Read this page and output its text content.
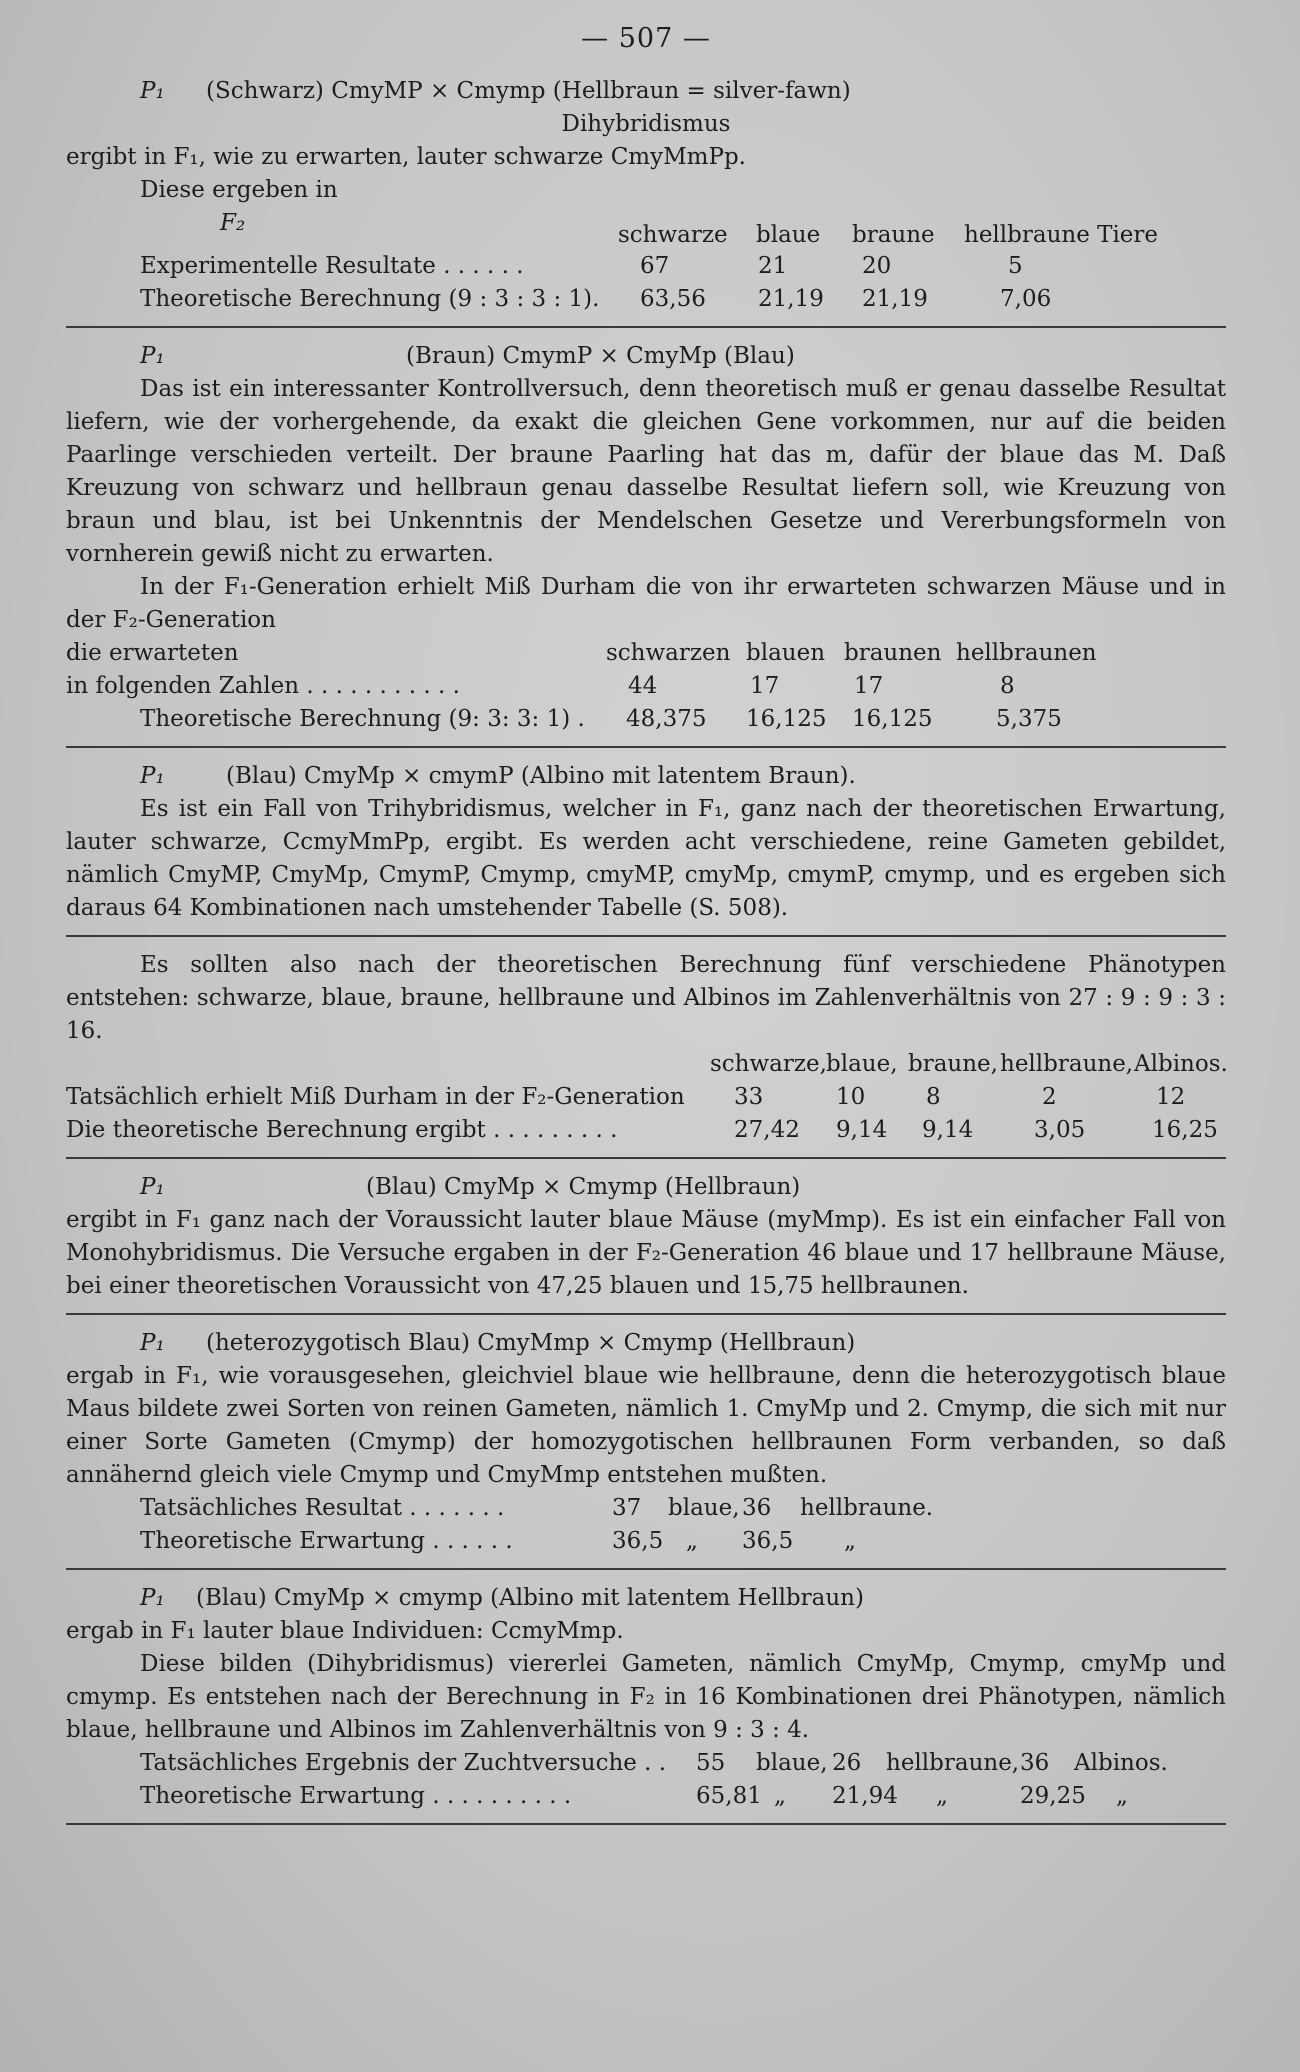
— 507 —
P₁ (Schwarz) CmyMP × Cmymp (Hellbraun = silver-fawn)
Dihybridismus

ergibt in F₁, wie zu erwarten, lauter schwarze CmyMmPp.

Diese ergeben in

F₂	schwarze blaue braune hellbraune Tiere
Experimentelle Resultate . . . . . .	67	21	20	5
Theoretische Berechnung (9 : 3 : 3 : 1). 63,56 21,19 21,19	7,06
P₁	(Braun) CmymP × CmyMp (Blau)

Das ist ein interessanter Kontrollversuch, denn theoretisch muß er genau dasselbe Resultat liefern, wie der vorhergehende, da exakt die gleichen Gene vorkommen, nur auf die beiden Paarlinge verschieden verteilt. Der braune Paarling hat das m, dafür der blaue das M. Daß Kreuzung von schwarz und hellbraun genau dasselbe Resultat liefern soll, wie Kreuzung von braun und blau, ist bei Unkenntnis der Mendelschen Gesetze und Vererbungsformeln von vornherein gewiß nicht zu erwarten.

In der F₁-Generation erhielt Miß Durham die von ihr erwarteten schwarzen Mäuse und in der F₂-Generation

die erwarteten	schwarzen blauen braunen hellbraunen
in folgenden Zahlen . . . . . . . . . . .	44	17	17	8
Theoretische Berechnung (9: 3: 3: 1) . 48,375 16,125 16,125	5,375
P₁	(Blau) CmyMp × cmymP (Albino mit latentem Braun).

Es ist ein Fall von Trihybridismus, welcher in F₁, ganz nach der theoretischen Erwartung, lauter schwarze, CcmyMmPp, ergibt. Es werden acht verschiedene, reine Gameten gebildet, nämlich CmyMP, CmyMp, CmymP, Cmymp, cmyMP, cmyMp, cmymP, cmymp, und es ergeben sich daraus 64 Kombinationen nach umstehender Tabelle (S. 508).

Es sollten also nach der theoretischen Berechnung fünf verschiedene Phänotypen entstehen: schwarze, blaue, braune, hellbraune und Albinos im Zahlenverhältnis von 27 : 9 : 9 : 3 : 16.

schwarze, blaue, braune, hellbraune, Albinos.
Tatsächlich erhielt Miß Durham in der F₂-Generation 33	10	8	2	12
Die theoretische Berechnung ergibt . . . . . . . . .	27,42 9,14 9,14	3,05	16,25
P₁	(Blau) CmyMp × Cmymp (Hellbraun)

ergibt in F₁ ganz nach der Voraussicht lauter blaue Mäuse (myMmp). Es ist ein einfacher Fall von Monohybridismus. Die Versuche ergaben in der F₂-Generation 46 blaue und 17 hellbraune Mäuse, bei einer theoretischen Voraussicht von 47,25 blauen und 15,75 hellbraunen.

P₁ (heterozygotisch Blau) CmyMmp × Cmymp (Hellbraun)

ergab in F₁, wie vorausgesehen, gleichviel blaue wie hellbraune, denn die heterozygotisch blaue Maus bildete zwei Sorten von reinen Gameten, nämlich 1. CmyMp und 2. Cmymp, die sich mit nur einer Sorte Gameten (Cmymp) der homozygotischen hellbraunen Form verbanden, so daß annähernd gleich viele Cmymp und CmyMmp entstehen mußten.

Tatsächliches Resultat . . . . . . .	37 blaue, 36 hellbraune.
Theoretische Erwartung . . . . . .	36,5 „ 36,5 „
P₁ (Blau) CmyMp × cmymp (Albino mit latentem Hellbraun)

ergab in F₁ lauter blaue Individuen: CcmyMmp.

Diese bilden (Dihybridismus) viererlei Gameten, nämlich CmyMp, Cmymp, cmyMp und cmymp. Es entstehen nach der Berechnung in F₂ in 16 Kombinationen drei Phänotypen, nämlich blaue, hellbraune und Albinos im Zahlenverhältnis von 9 : 3 : 4.

Tatsächliches Ergebnis der Zuchtversuche . . 55 blaue, 26 hellbraune, 36 Albinos.
Theoretische Erwartung . . . . . . . . . .	65,81 „ 21,94 „	29,25 „
